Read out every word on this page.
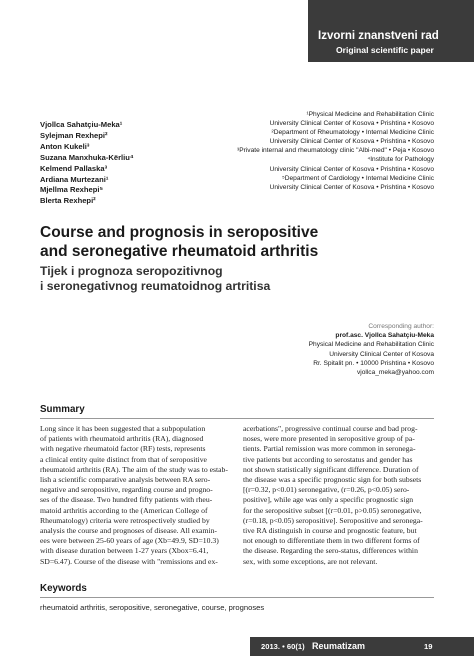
Izvorni znanstveni rad
Original scientific paper
Vjollca Sahatçiu-Meka¹
Sylejman Rexhepi²
Anton Kukeli³
Suzana Manxhuka-Kërliu⁴
Kelmend Pallaska³
Ardiana Murtezani¹
Mjellma Rexhepi⁵
Blerta Rexhepi²
¹Physical Medicine and Rehabilitation Clinic
University Clinical Center of Kosova • Prishtina • Kosovo
²Department of Rheumatology • Internal Medicine Clinic
University Clinical Center of Kosova • Prishtina • Kosovo
³Private internal and rheumatology clinic "Albi-med" • Peja • Kosovo
⁴Institute for Pathology
University Clinical Center of Kosova • Prishtina • Kosovo
⁵Department of Cardiology • Internal Medicine Clinic
University Clinical Center of Kosova • Prishtina • Kosovo
Course and prognosis in seropositive
and seronegative rheumatoid arthritis
Tijek i prognoza seropozitivnog
i seronegativnog reumatoidnog artritisa
Corresponding author:
prof.asc. Vjollca Sahatçiu-Meka
Physical Medicine and Rehabilitation Clinic
University Clinical Center of Kosova
Rr. Spitalit pn. • 10000 Prishtina • Kosovo
vjollca_meka@yahoo.com
Summary
Long since it has been suggested that a subpopulation
of patients with rheumatoid arthritis (RA), diagnosed
with negative rheumatoid factor (RF) tests, represents
a clinical entity quite distinct from that of seropositive
rheumatoid arthritis (RA). The aim of the study was to estab-
lish a scientific comparative analysis between RA sero-
negative and seropositive, regarding course and progno-
ses of the disease. Two hundred fifty patients with rheu-
matoid arthritis according to the (American College of
Rheumatology) criteria were retrospectively studied by
analysis the course and prognoses of disease. All examin-
ees were between 25-60 years of age (Xb=49.9, SD=10.3)
with disease duration between 1-27 years (Xbox=6.41,
SD=6.47). Course of the disease with "remissions and ex-
acerbations", progressive continual course and bad prog-
noses, were more presented in seropositive group of pa-
tients. Partial remission was more common in seronega-
tive patients but according to serostatus and gender has
not shown statistically significant difference. Duration of
the disease was a specific prognostic sign for both subsets
[(r=0.32, p<0.01) seronegative, (r=0.26, p<0.05) sero-
positive], while age was only a specific prognostic sign
for the seropositive subset [(r=0.01, p>0.05) seronegative,
(r=0.18, p<0.05) seropositive]. Seropositive and seronega-
tive RA distinguish in course and prognostic feature, but
not enough to differentiate them in two different forms of
the disease. Regarding the sero-status, differences within
sex, with some exceptions, are not relevant.
Keywords
rheumatoid arthritis, seropositive, seronegative, course, prognoses
2013. • 60(1) Reumatizam	19
